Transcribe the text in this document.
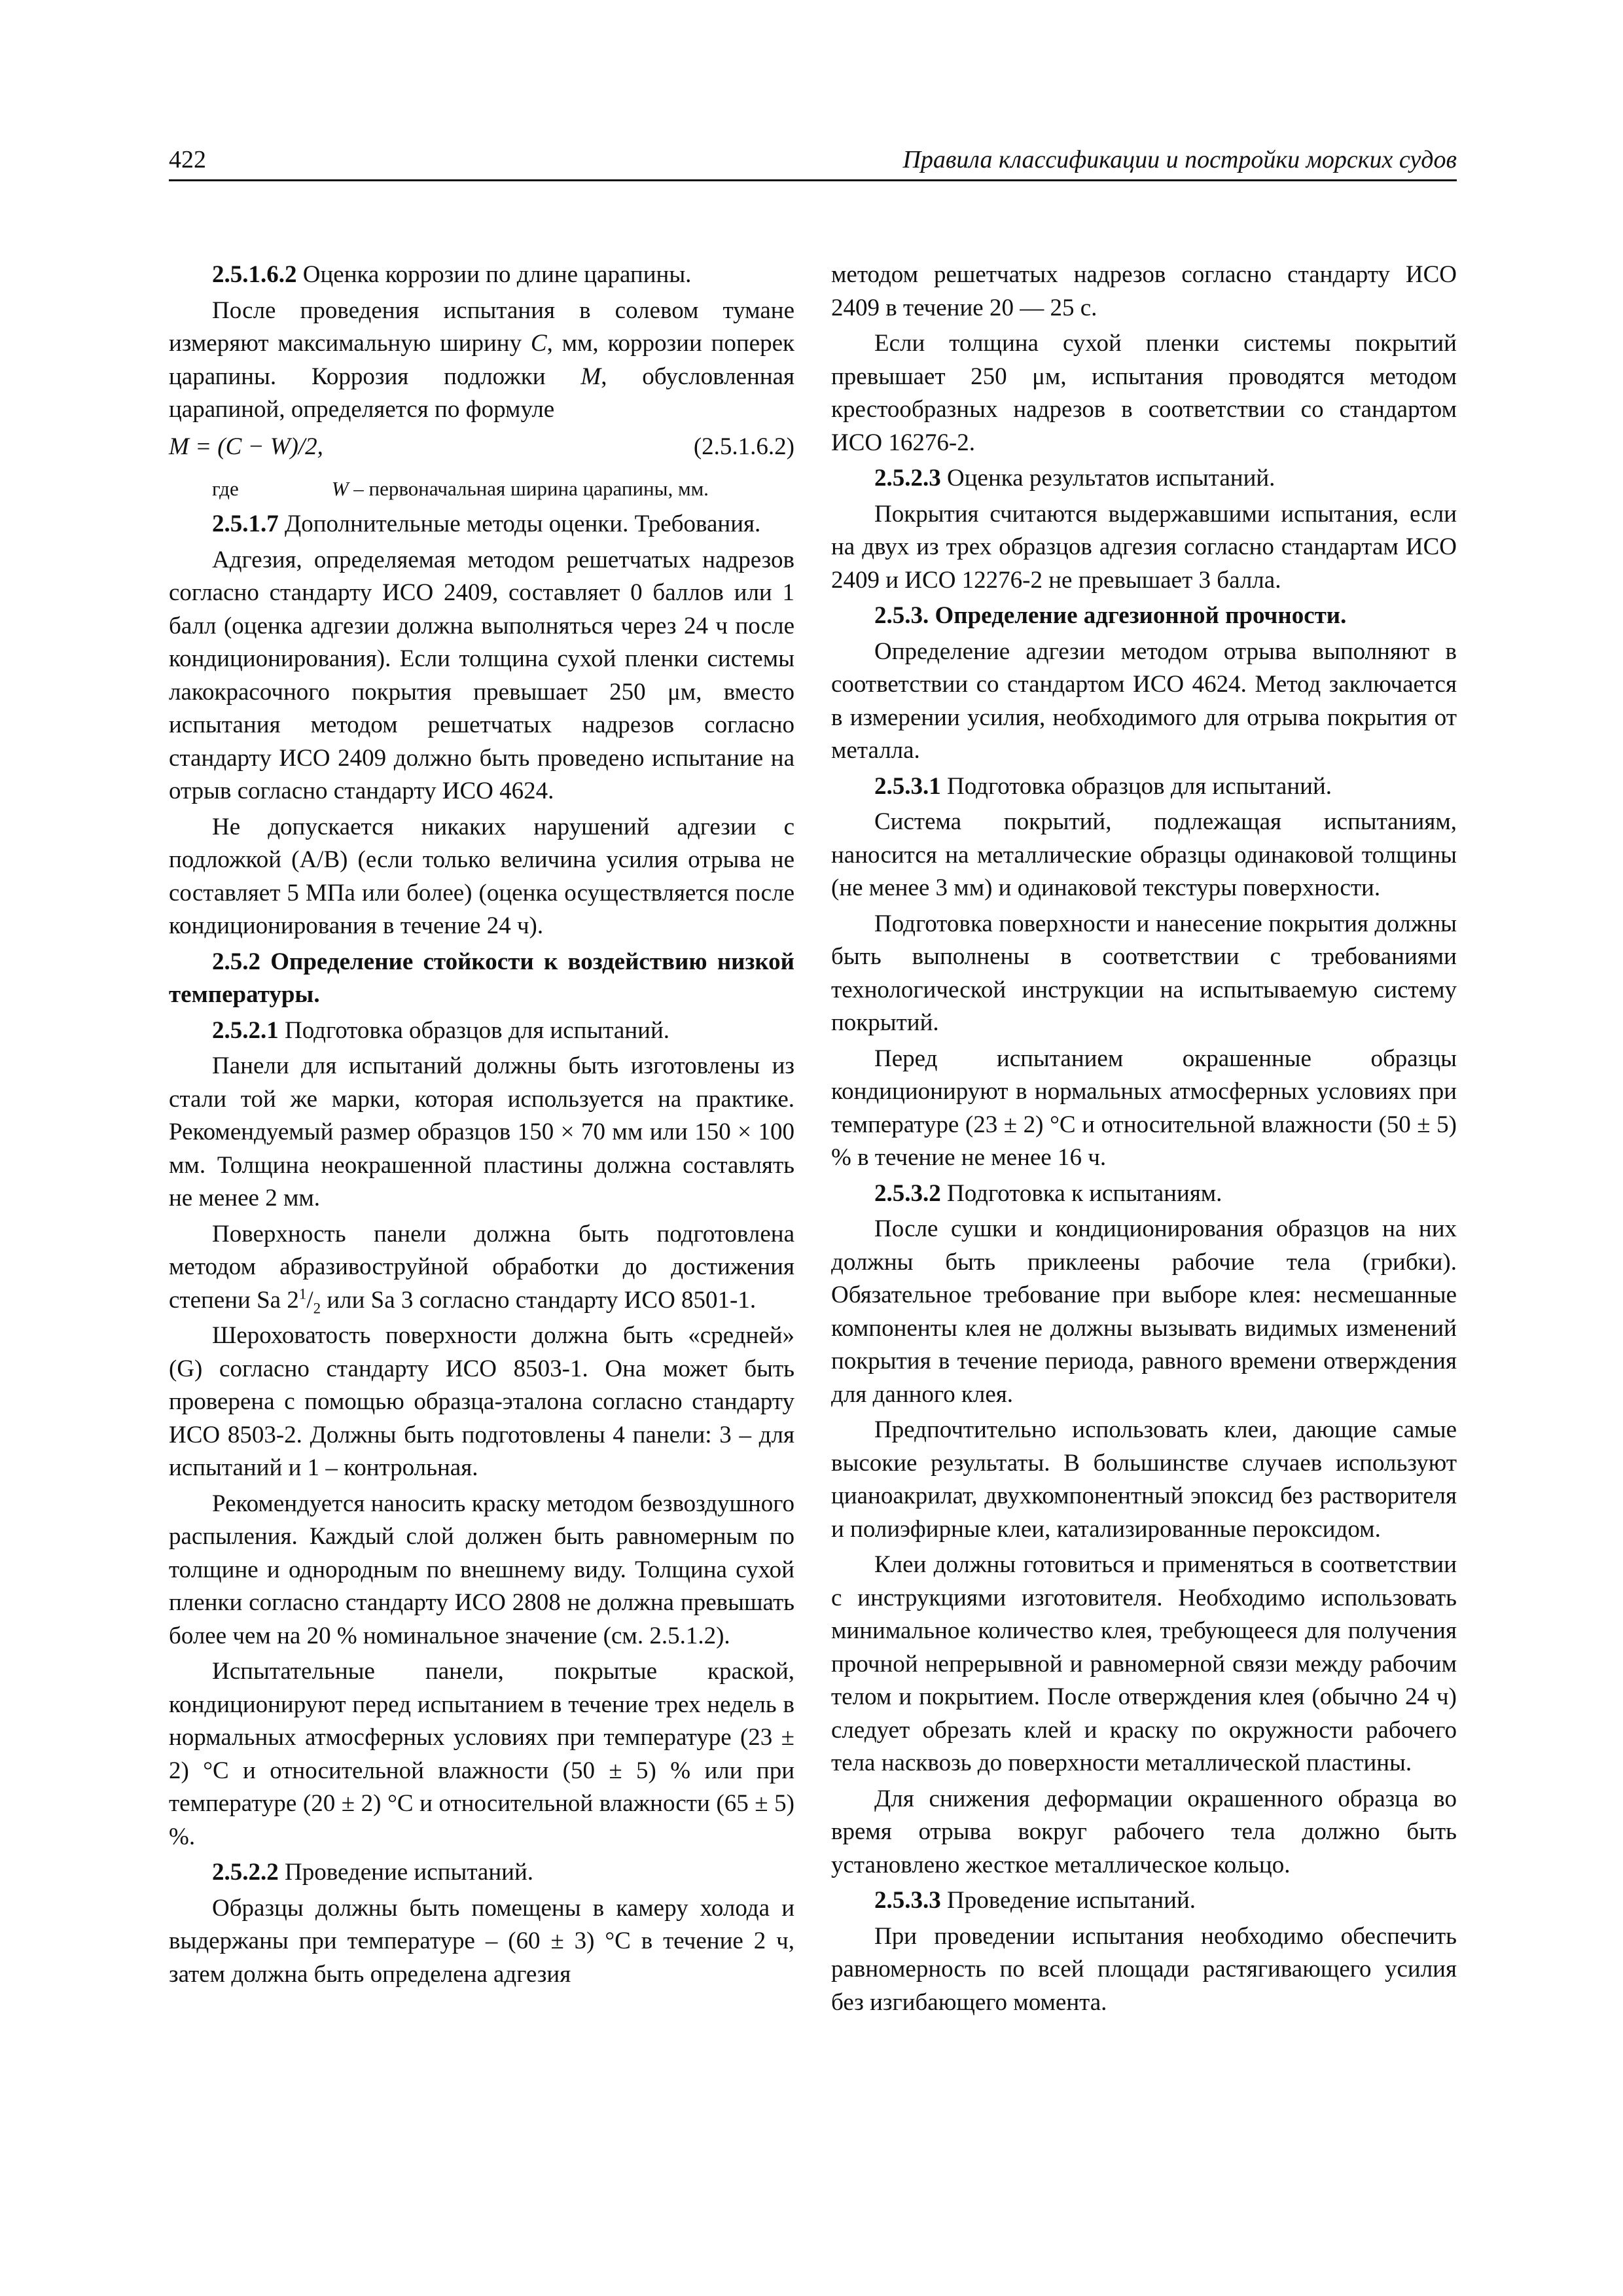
422	Правила классификации и постройки морских судов

2.5.1.6.2 Оценка коррозии по длине царапины.

После проведения испытания в солевом тумане измеряют максимальную ширину C, мм, коррозии поперек царапины. Коррозия подложки M, обусловленная царапиной, определяется по формуле

M = (C − W)/2,	(2.5.1.6.2)

где	W – первоначальная ширина царапины, мм.

2.5.1.7 Дополнительные методы оценки. Требования.

Адгезия, определяемая методом решетчатых надрезов согласно стандарту ИСО 2409, составляет 0 баллов или 1 балл (оценка адгезии должна выполняться через 24 ч после кондиционирования). Если толщина сухой пленки системы лакокрасочного покрытия превышает 250 μм, вместо испытания методом решетчатых надрезов согласно стандарту ИСО 2409 должно быть проведено испытание на отрыв согласно стандарту ИСО 4624.

Не допускается никаких нарушений адгезии с подложкой (A/B) (если только величина усилия отрыва не составляет 5 МПа или более) (оценка осуществляется после кондиционирования в течение 24 ч).

2.5.2 Определение стойкости к воздействию низкой температуры.

2.5.2.1 Подготовка образцов для испытаний.

Панели для испытаний должны быть изготовлены из стали той же марки, которая используется на практике. Рекомендуемый размер образцов 150 × 70 мм или 150 × 100 мм. Толщина неокрашенной пластины должна составлять не менее 2 мм.

Поверхность панели должна быть подготовлена методом абразивоструйной обработки до достижения степени Sa $2^1/_2$ или Sa 3 согласно стандарту ИСО 8501-1.

Шероховатость поверхности должна быть «средней» (G) согласно стандарту ИСО 8503-1. Она может быть проверена с помощью образца-эталона согласно стандарту ИСО 8503-2. Должны быть подготовлены 4 панели: 3 – для испытаний и 1 – контрольная.

Рекомендуется наносить краску методом безвоздушного распыления. Каждый слой должен быть равномерным по толщине и однородным по внешнему виду. Толщина сухой пленки согласно стандарту ИСО 2808 не должна превышать более чем на 20 % номинальное значение (см. 2.5.1.2).

Испытательные панели, покрытые краской, кондиционируют перед испытанием в течение трех недель в нормальных атмосферных условиях при температуре (23 ± 2) °C и относительной влажности (50 ± 5) % или при температуре (20 ± 2) °C и относительной влажности (65 ± 5) %.

2.5.2.2 Проведение испытаний.

Образцы должны быть помещены в камеру холода и выдержаны при температуре – (60 ± 3) °C в течение 2 ч, затем должна быть определена адгезия

методом решетчатых надрезов согласно стандарту ИСО 2409 в течение 20 — 25 с.

Если толщина сухой пленки системы покрытий превышает 250 μм, испытания проводятся методом крестообразных надрезов в соответствии со стандартом ИСО 16276-2.

2.5.2.3 Оценка результатов испытаний.

Покрытия считаются выдержавшими испытания, если на двух из трех образцов адгезия согласно стандартам ИСО 2409 и ИСО 12276-2 не превышает 3 балла.

2.5.3. Определение адгезионной прочности.

Определение адгезии методом отрыва выполняют в соответствии со стандартом ИСО 4624. Метод заключается в измерении усилия, необходимого для отрыва покрытия от металла.

2.5.3.1 Подготовка образцов для испытаний.

Система покрытий, подлежащая испытаниям, наносится на металлические образцы одинаковой толщины (не менее 3 мм) и одинаковой текстуры поверхности.

Подготовка поверхности и нанесение покрытия должны быть выполнены в соответствии с требованиями технологической инструкции на испытываемую систему покрытий.

Перед испытанием окрашенные образцы кондиционируют в нормальных атмосферных условиях при температуре (23 ± 2) °C и относительной влажности (50 ± 5) % в течение не менее 16 ч.

2.5.3.2 Подготовка к испытаниям.

После сушки и кондиционирования образцов на них должны быть приклеены рабочие тела (грибки). Обязательное требование при выборе клея: несмешанные компоненты клея не должны вызывать видимых изменений покрытия в течение периода, равного времени отверждения для данного клея.

Предпочтительно использовать клеи, дающие самые высокие результаты. В большинстве случаев используют цианоакрилат, двухкомпонентный эпоксид без растворителя и полиэфирные клеи, катализированные пероксидом.

Клеи должны готовиться и применяться в соответствии с инструкциями изготовителя. Необходимо использовать минимальное количество клея, требующееся для получения прочной непрерывной и равномерной связи между рабочим телом и покрытием. После отверждения клея (обычно 24 ч) следует обрезать клей и краску по окружности рабочего тела насквозь до поверхности металлической пластины.

Для снижения деформации окрашенного образца во время отрыва вокруг рабочего тела должно быть установлено жесткое металлическое кольцо.

2.5.3.3 Проведение испытаний.

При проведении испытания необходимо обеспечить равномерность по всей площади растягивающего усилия без изгибающего момента.
